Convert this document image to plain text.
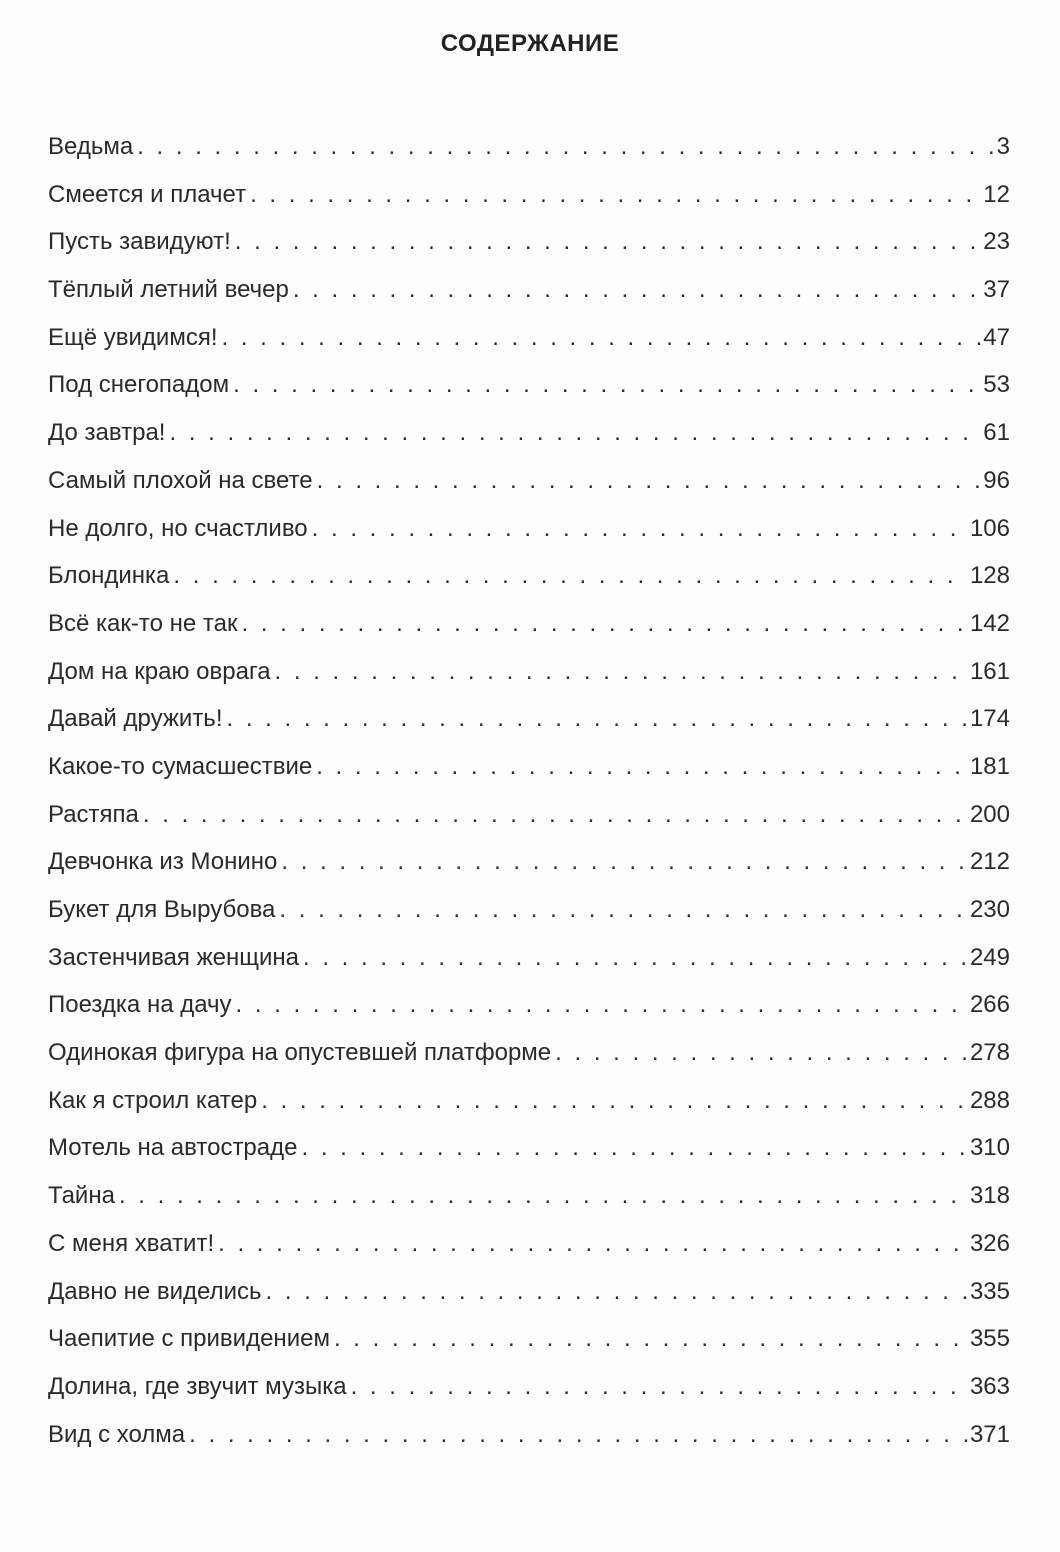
СОДЕРЖАНИЕ
Ведьма . . .	3
Смеется и плачет . . .	12
Пусть завидуют! . . .	23
Тёплый летний вечер . . .	37
Ещё увидимся! . . .	47
Под снегопадом . . .	53
До завтра! . . .	61
Самый плохой на свете . . .	96
Не долго, но счастливо . . .	106
Блондинка . . .	128
Всё как-то не так . . .	142
Дом на краю оврага . . .	161
Давай дружить! . . .	174
Какое-то сумасшествие . . .	181
Растяпа . . .	200
Девчонка из Монино . . .	212
Букет для Вырубова . . .	230
Застенчивая женщина . . .	249
Поездка на дачу . . .	266
Одинокая фигура на опустевшей платформе . . .	278
Как я строил катер . . .	288
Мотель на автостраде . . .	310
Тайна . . .	318
С меня хватит! . . .	326
Давно не виделись . . .	335
Чаепитие с привидением . . .	355
Долина, где звучит музыка . . .	363
Вид с холма . . .	371
